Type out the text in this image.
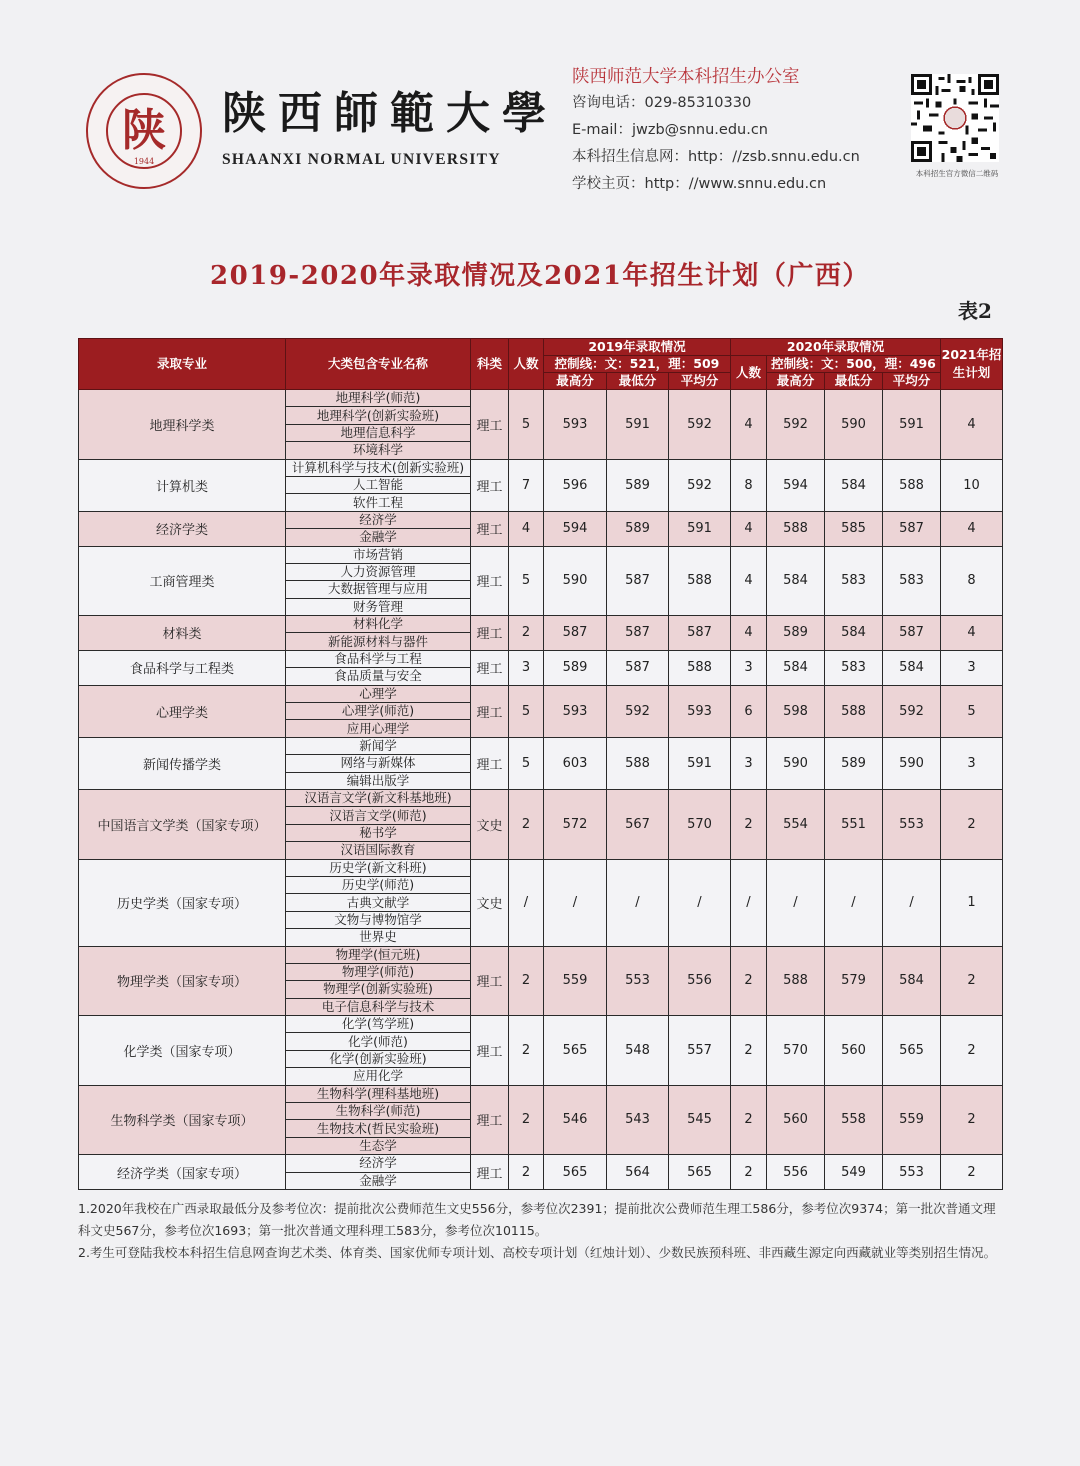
陕
1944
陕西師範大學
SHAANXI NORMAL UNIVERSITY
陕西师范大学本科招生办公室
咨询电话：029-85310330
E-mail：jwzb@snnu.edu.cn
本科招生信息网：http：//zsb.snnu.edu.cn
学校主页：http：//www.snnu.edu.cn
本科招生官方微信二维码
2019-2020年录取情况及2021年招生计划（广西）
表2
录取专业	大类包含专业名称	科类	人数	2019年录取情况			2020年录取情况				2021年招生计划
				控制线：文：521，理：509			人数	控制线：文：500，理：496			
				最高分	最低分	平均分		最高分	最低分	平均分	
地理科学类	地理科学(师范)	理工	5	593	591	592	4	592	590	591	4
	地理科学(创新实验班)										
	地理信息科学										
	环境科学										
计算机类	计算机科学与技术(创新实验班)	理工	7	596	589	592	8	594	584	588	10
	人工智能										
	软件工程										
经济学类	经济学	理工	4	594	589	591	4	588	585	587	4
	金融学										
工商管理类	市场营销	理工	5	590	587	588	4	584	583	583	8
	人力资源管理										
	大数据管理与应用										
	财务管理										
材料类	材料化学	理工	2	587	587	587	4	589	584	587	4
	新能源材料与器件										
食品科学与工程类	食品科学与工程	理工	3	589	587	588	3	584	583	584	3
	食品质量与安全										
心理学类	心理学	理工	5	593	592	593	6	598	588	592	5
	心理学(师范)										
	应用心理学										
新闻传播学类	新闻学	理工	5	603	588	591	3	590	589	590	3
	网络与新媒体										
	编辑出版学										
中国语言文学类（国家专项）	汉语言文学(新文科基地班)	文史	2	572	567	570	2	554	551	553	2
	汉语言文学(师范)										
	秘书学										
	汉语国际教育										
历史学类（国家专项）	历史学(新文科班)	文史	/	/	/	/	/	/	/	/	1
	历史学(师范)										
	古典文献学										
	文物与博物馆学										
	世界史										
物理学类（国家专项）	物理学(恒元班)	理工	2	559	553	556	2	588	579	584	2
	物理学(师范)										
	物理学(创新实验班)										
	电子信息科学与技术										
化学类（国家专项）	化学(笃学班)	理工	2	565	548	557	2	570	560	565	2
	化学(师范)										
	化学(创新实验班)										
	应用化学										
生物科学类（国家专项）	生物科学(理科基地班)	理工	2	546	543	545	2	560	558	559	2
	生物科学(师范)										
	生物技术(哲民实验班)										
	生态学										
经济学类（国家专项）	经济学	理工	2	565	564	565	2	556	549	553	2
	金融学										

1.2020年我校在广西录取最低分及参考位次：提前批次公费师范生文史556分，参考位次2391；提前批次公费师范生理工586分，参考位次9374；第一批次普通文理科文史567分，参考位次1693；第一批次普通文理科理工583分，参考位次10115。

2.考生可登陆我校本科招生信息网查询艺术类、体育类、国家优师专项计划、高校专项计划（红烛计划）、少数民族预科班、非西藏生源定向西藏就业等类别招生情况。
